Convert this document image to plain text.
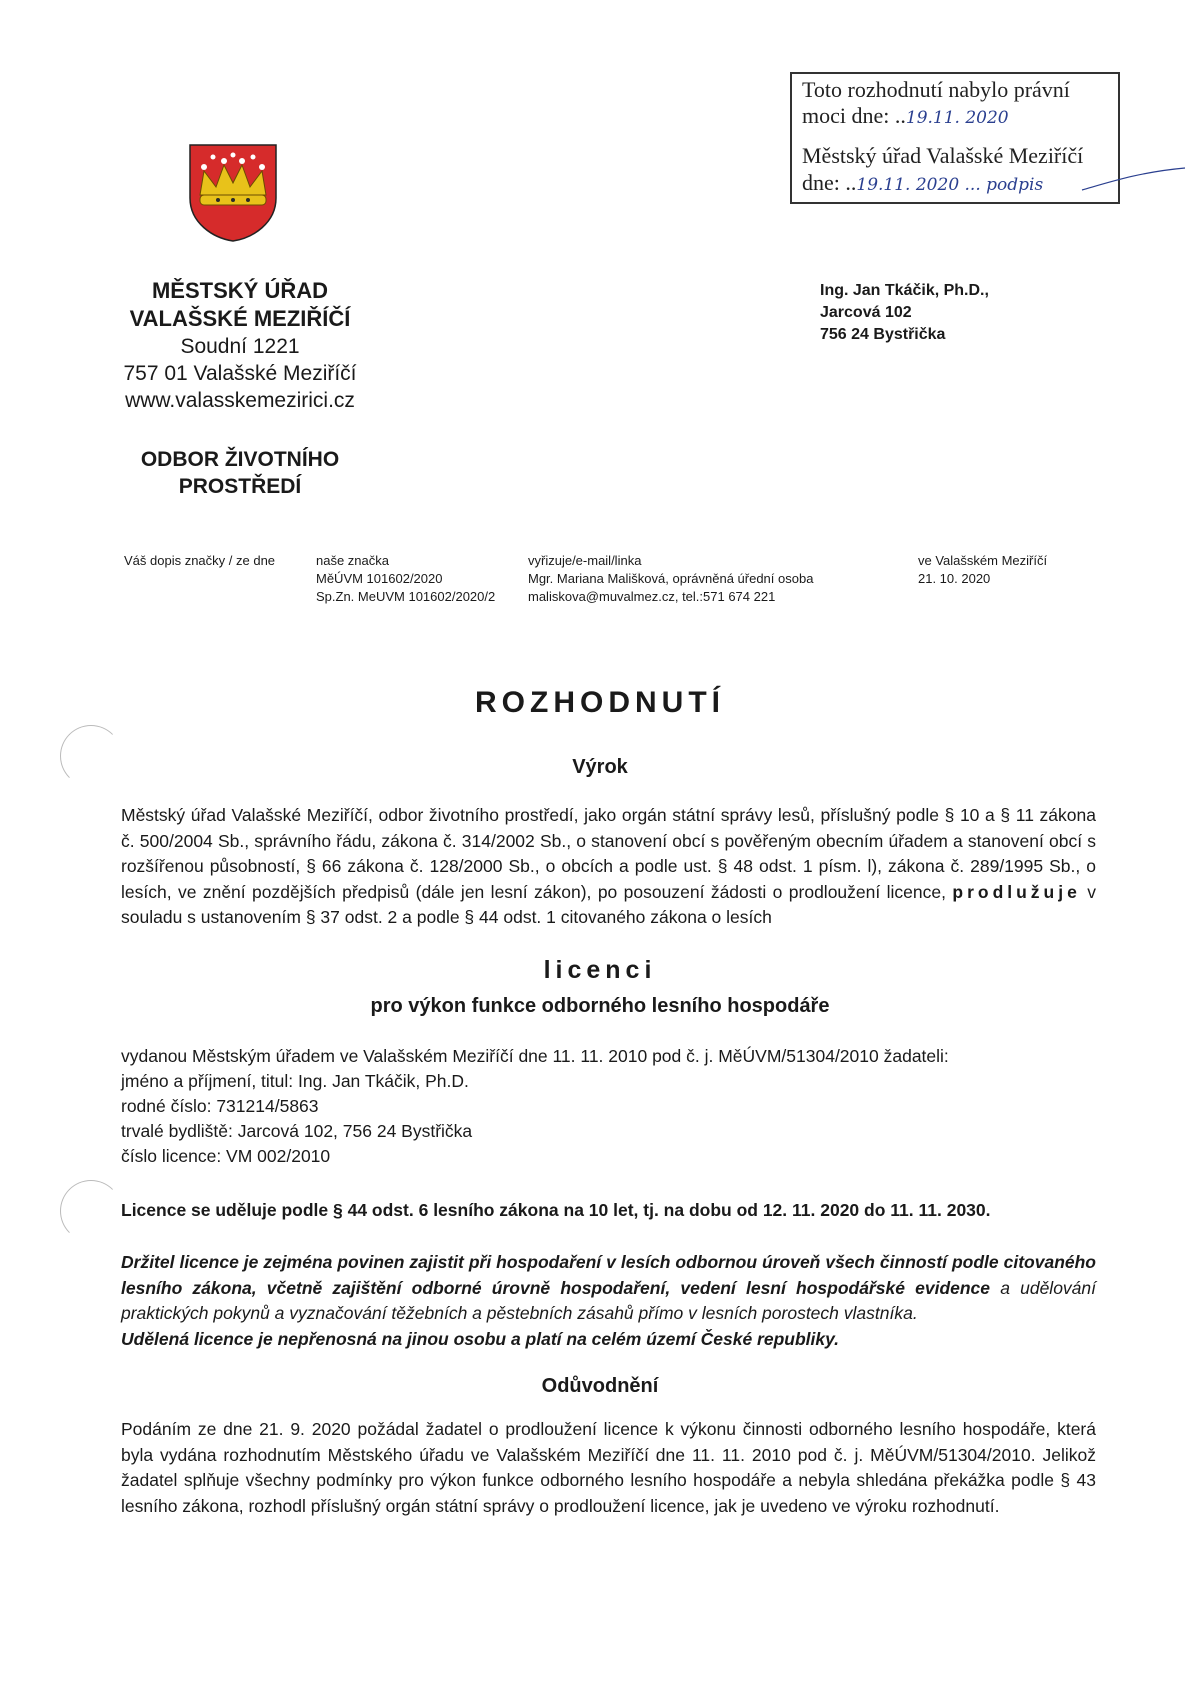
Toto rozhodnutí nabylo právní
moci dne: ..19.11. 2020
Městský úřad Valašské Meziříčí
dne: ..19.11. 2020 ... podpis
MĚSTSKÝ ÚŘAD
VALAŠSKÉ MEZIŘÍČÍ
Soudní 1221
757 01 Valašské Meziříčí
www.valasskemezirici.cz
ODBOR ŽIVOTNÍHO
PROSTŘEDÍ
Ing. Jan Tkáčik, Ph.D.,
Jarcová 102
756 24 Bystřička
Váš dopis značky / ze dne	naše značka
MěÚVM 101602/2020
Sp.Zn. MeUVM 101602/2020/2
vyřizuje/e-mail/linka
Mgr. Mariana Mališková, oprávněná úřední osoba
maliskova@muvalmez.cz, tel.:571 674 221
ve Valašském Meziříčí
21. 10. 2020
ROZHODNUTÍ
Výrok
Městský úřad Valašské Meziříčí, odbor životního prostředí, jako orgán státní správy lesů, příslušný podle § 10 a § 11 zákona č. 500/2004 Sb., správního řádu, zákona č. 314/2002 Sb., o stanovení obcí s pověřeným obecním úřadem a stanovení obcí s rozšířenou působností, § 66 zákona č. 128/2000 Sb., o obcích a podle ust. § 48 odst. 1 písm. l), zákona č. 289/1995 Sb., o lesích, ve znění pozdějších předpisů (dále jen lesní zákon), po posouzení žádosti o prodloužení licence, prodlužuje v souladu s ustanovením § 37 odst. 2 a podle § 44 odst. 1 citovaného zákona o lesích
licenci
pro výkon funkce odborného lesního hospodáře
vydanou Městským úřadem ve Valašském Meziříčí dne 11. 11. 2010 pod č. j. MěÚVM/51304/2010 žadateli:
jméno a příjmení, titul: Ing. Jan Tkáčik, Ph.D.
rodné číslo: 731214/5863
trvalé bydliště: Jarcová 102, 756 24 Bystřička
číslo licence: VM 002/2010
Licence se uděluje podle § 44 odst. 6 lesního zákona na 10 let, tj. na dobu od 12. 11. 2020 do 11. 11. 2030.
Držitel licence je zejména povinen zajistit při hospodaření v lesích odbornou úroveň všech činností podle citovaného lesního zákona, včetně zajištění odborné úrovně hospodaření, vedení lesní hospodářské evidence a udělování praktických pokynů a vyznačování těžebních a pěstebních zásahů přímo v lesních porostech vlastníka.
Udělená licence je nepřenosná na jinou osobu a platí na celém území České republiky.
Odůvodnění
Podáním ze dne 21. 9. 2020 požádal žadatel o prodloužení licence k výkonu činnosti odborného lesního hospodáře, která byla vydána rozhodnutím Městského úřadu ve Valašském Meziříčí dne 11. 11. 2010 pod č. j. MěÚVM/51304/2010. Jelikož žadatel splňuje všechny podmínky pro výkon funkce odborného lesního hospodáře a nebyla shledána překážka podle § 43 lesního zákona, rozhodl příslušný orgán státní správy o prodloužení licence, jak je uvedeno ve výroku rozhodnutí.
